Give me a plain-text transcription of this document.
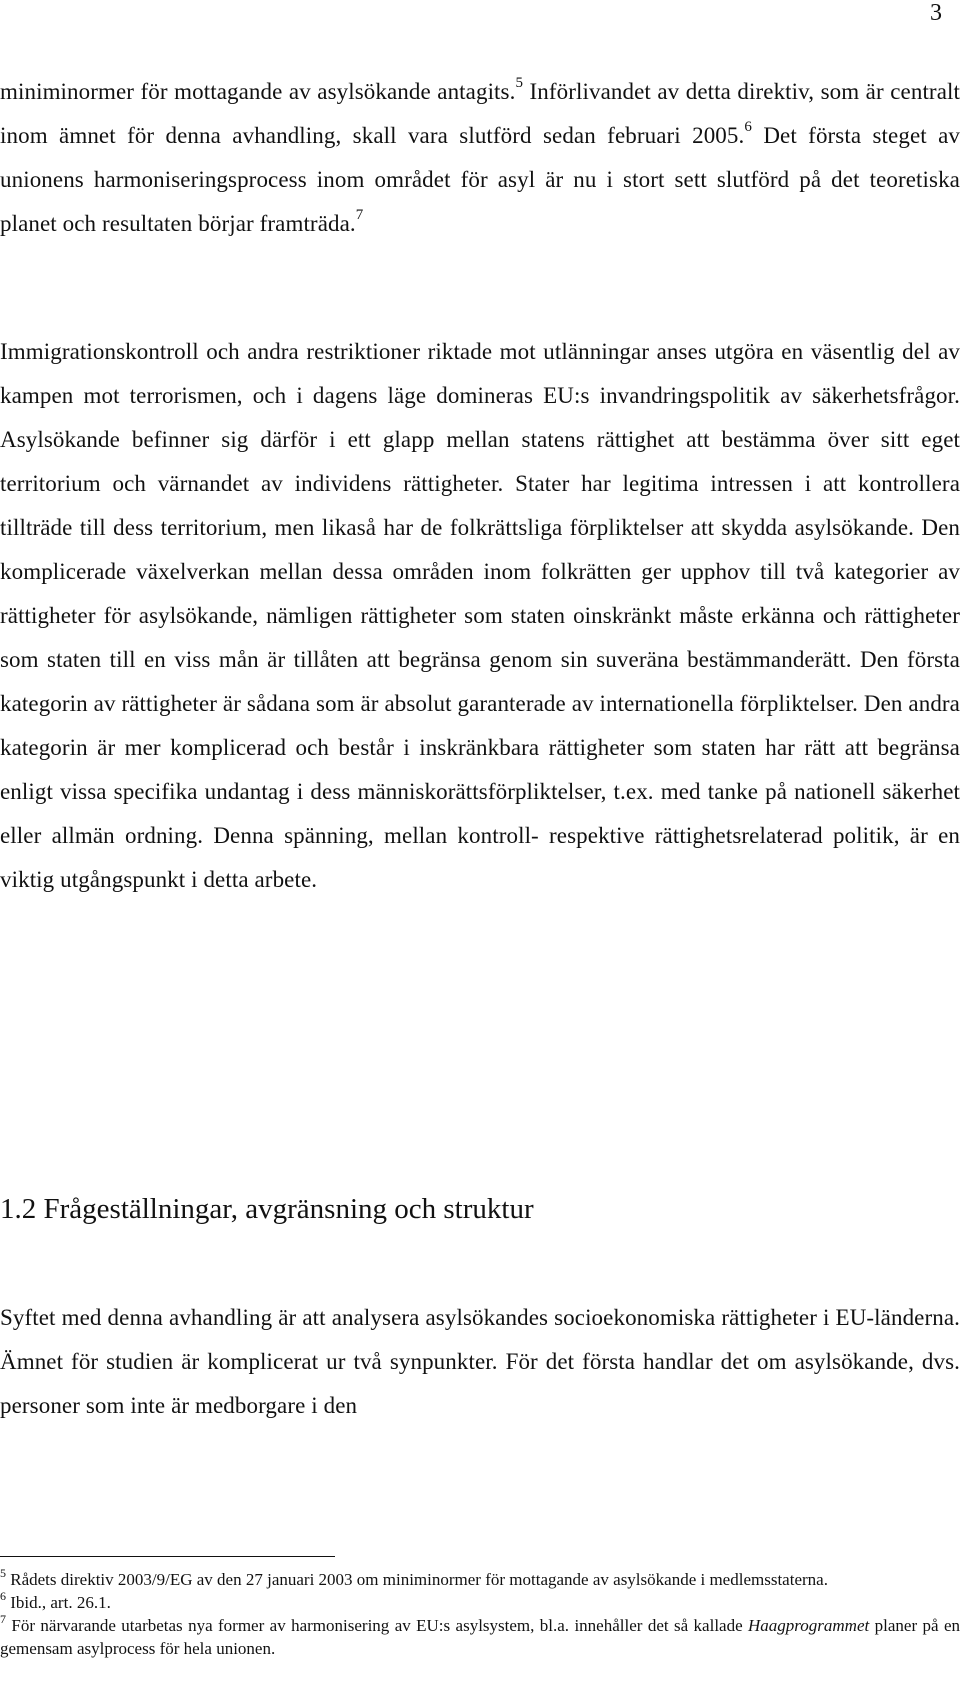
3

miniminormer för mottagande av asylsökande antagits.$^5$ Införlivandet av detta direktiv, som är centralt inom ämnet för denna avhandling, skall vara slutförd sedan februari 2005.$^6$ Det första steget av unionens harmoniseringsprocess inom området för asyl är nu i stort sett slutförd på det teoretiska planet och resultaten börjar framträda.$^7$

Immigrationskontroll och andra restriktioner riktade mot utlänningar anses utgöra en väsentlig del av kampen mot terrorismen, och i dagens läge domineras EU:s invandringspolitik av säkerhetsfrågor. Asylsökande befinner sig därför i ett glapp mellan statens rättighet att bestämma över sitt eget territorium och värnandet av individens rättigheter. Stater har legitima intressen i att kontrollera tillträde till dess territorium, men likaså har de folkrättsliga förpliktelser att skydda asylsökande. Den komplicerade växelverkan mellan dessa områden inom folkrätten ger upphov till två kategorier av rättigheter för asylsökande, nämligen rättigheter som staten oinskränkt måste erkänna och rättigheter som staten till en viss mån är tillåten att begränsa genom sin suveräna bestämmanderätt. Den första kategorin av rättigheter är sådana som är absolut garanterade av internationella förpliktelser. Den andra kategorin är mer komplicerad och består i inskränkbara rättigheter som staten har rätt att begränsa enligt vissa specifika undantag i dess människorättsförpliktelser, t.ex. med tanke på nationell säkerhet eller allmän ordning. Denna spänning, mellan kontroll- respektive rättighetsrelaterad politik, är en viktig utgångspunkt i detta arbete.

1.2 Frågeställningar, avgränsning och struktur

Syftet med denna avhandling är att analysera asylsökandes socioekonomiska rättigheter i EU-länderna. Ämnet för studien är komplicerat ur två synpunkter. För det första handlar det om asylsökande, dvs. personer som inte är medborgare i den

$^5$ Rådets direktiv 2003/9/EG av den 27 januari 2003 om miniminormer för mottagande av asylsökande i medlemsstaterna.

$^6$ Ibid., art. 26.1.

$^7$ För närvarande utarbetas nya former av harmonisering av EU:s asylsystem, bl.a. innehåller det så kallade Haagprogrammet planer på en gemensam asylprocess för hela unionen.
